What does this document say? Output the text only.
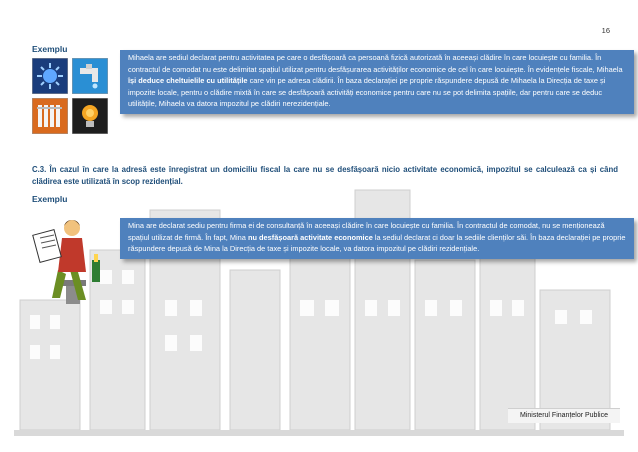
16
Exemplu

Mihaela are sediul declarat pentru activitatea pe care o desfășoară ca persoană fizică autorizată în aceeași clădire în care locuiește cu familia. În contractul de comodat nu este delimitat spațiul utilizat pentru desfășurarea activităților economice de cel în care locuiește. În evidențele fiscale, Mihaela își deduce cheltuielile cu utilitățile care vin pe adresa clădirii. În baza declarației pe proprie răspundere depusă de Mihaela la Direcția de taxe și impozite locale, pentru o clădire mixtă în care se desfășoară activități economice pentru care nu se pot delimita spațiile, dar pentru care se deduc utilitățile, Mihaela va datora impozitul pe clădiri nerezidențiale.

C.3. În cazul în care la adresă este înregistrat un domiciliu fiscal la care nu se desfășoară nicio activitate economică, impozitul se calculează ca și când clădirea este utilizată în scop rezidențial.
Exemplu

Mina are declarat sediu pentru firma ei de consultanță în aceeași clădire în care locuiește cu familia. În contractul de comodat, nu se menționează spațiul utilizat de firmă. În fapt, Mina nu desfășoară activitate economice la sediul declarat ci doar la sediile clienților săi. În baza declarației pe proprie răspundere depusă de Mina la Direcția de taxe și impozite locale, va datora impozitul pe clădiri rezidențiale.

Ministerul Finanțelor Publice
